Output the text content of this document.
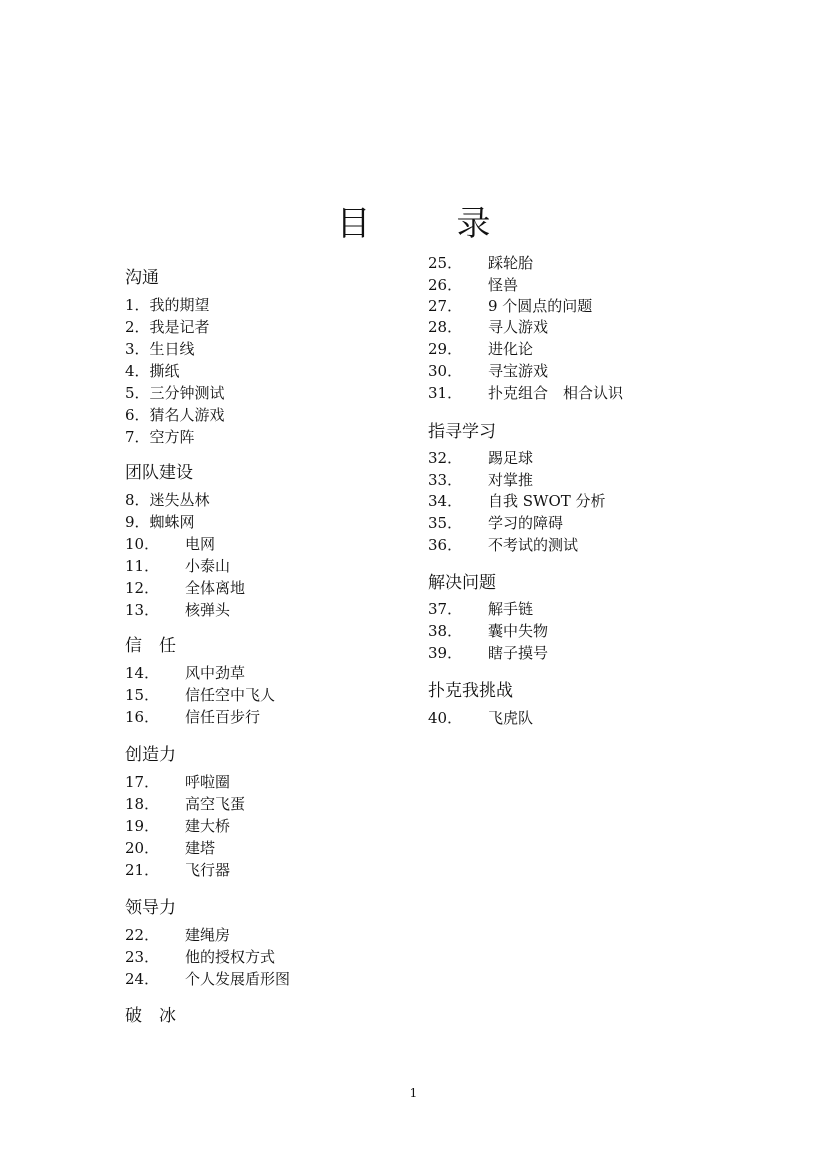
目　录
沟通
1．我的期望
2．我是记者
3．生日线
4．撕纸
5．三分钟测试
6．猜名人游戏
7．空方阵
团队建设
8．迷失丛林
9．蜘蛛网
10． 电网
11． 小泰山
12． 全体离地
13． 核弹头
信　任
14． 风中劲草
15． 信任空中飞人
16． 信任百步行
创造力
17． 呼啦圈
18． 高空飞蛋
19． 建大桥
20． 建塔
21． 飞行器
领导力
22． 建绳房
23． 他的授权方式
24． 个人发展盾形图
破　冰
25． 踩轮胎
26． 怪兽
27． 9 个圆点的问题
28． 寻人游戏
29． 进化论
30． 寻宝游戏
31． 扑克组合　相合认识
指寻学习
32． 踢足球
33． 对掌推
34． 自我 SWOT 分析
35． 学习的障碍
36． 不考试的测试
解决问题
37． 解手链
38． 囊中失物
39． 瞎子摸号
扑克我挑战
40． 飞虎队
1
